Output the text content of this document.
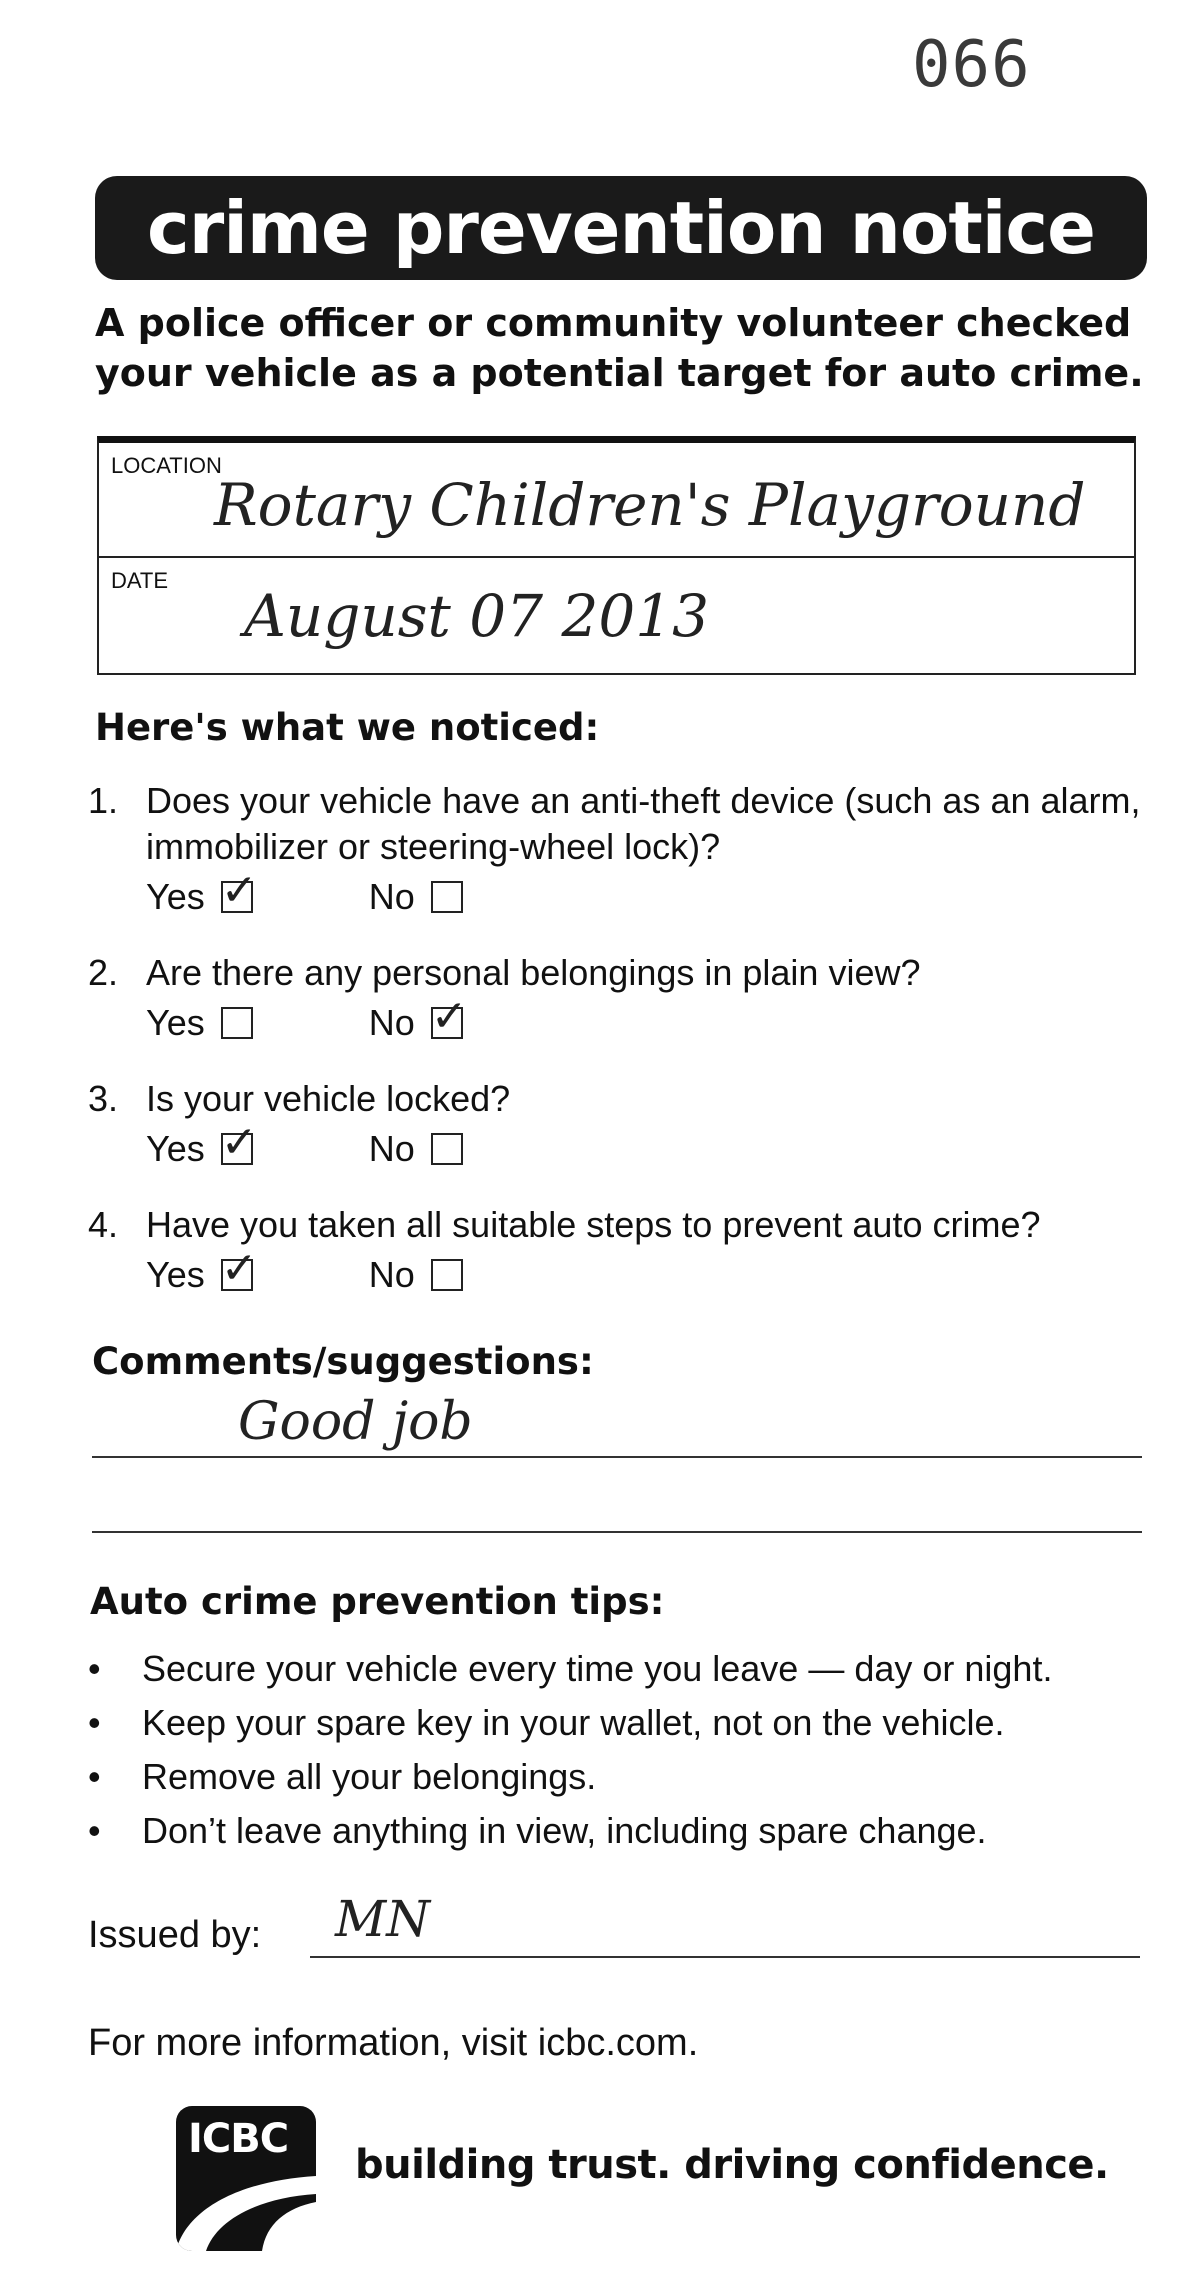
066
crime prevention notice
A police officer or community volunteer checked your vehicle as a potential target for auto crime.
LOCATION
Rotary Children's Playground
DATE
August 07 2013
Here's what we noticed:
1. Does your vehicle have an anti-theft device (such as an alarm, immobilizer or steering-wheel lock)?
Yes ✓	No
2. Are there any personal belongings in plain view?
Yes	No ✓
3. Is your vehicle locked?
Yes ✓	No
4. Have you taken all suitable steps to prevent auto crime?
Yes ✓	No
Comments/suggestions:
Good job
Auto crime prevention tips:
• Secure your vehicle every time you leave — day or night.
• Keep your spare key in your wallet, not on the vehicle.
• Remove all your belongings.
• Don’t leave anything in view, including spare change.
Issued by: MN
For more information, visit icbc.com.
ICBC
building trust. driving confidence.
